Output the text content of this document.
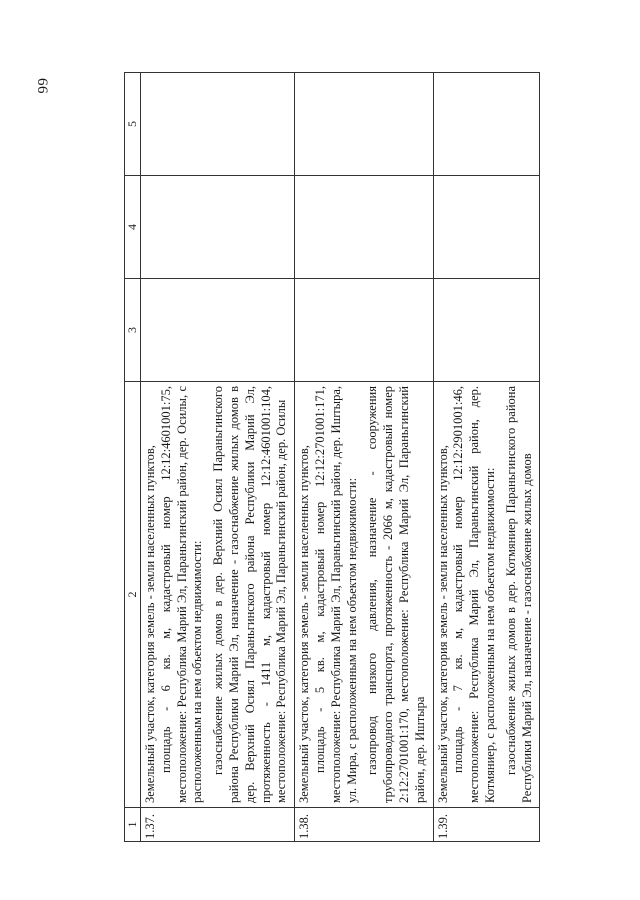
66
1	2	3	4	5
1.37.	Земельный участок, категория земель - земли населенных пунктов, площадь - 6 кв. м, кадастровый номер 12:12:4601001:75, местоположение: Республика Марий Эл, Параньгинский район, дер. Осилы, с расположенным на нем объектом недвижимости: газоснабжение жилых домов в дер. Верхний Осиял Параньгинского района Республики Марий Эл, назначение - газоснабжение жилых домов в дер. Верхний Осиял Параньгинского района Республики Марий Эл, протяженность - 1411 м, кадастровый номер 12:12:4601001:104, местоположение: Республика Марий Эл, Параньгинский район, дер. Осилы			

1.38.	Земельный участок, категория земель - земли населенных пунктов, площадь - 5 кв. м, кадастровый номер 12:12:2701001:171, местоположение: Республика Марий Эл, Параньгинский район, дер. Иштыра, ул. Мира, с расположенным на нем объектом недвижимости: газопровод низкого давления, назначение - сооружения трубопроводного транспорта, протяженность - 2066 м, кадастровый номер 2:12:2701001:170, местоположение: Республика Марий Эл, Параньгинский район, дер. Иштыра			

1.39.	Земельный участок, категория земель - земли населенных пунктов, площадь - 7 кв. м, кадастровый номер 12:12:2901001:46, местоположение: Республика Марий Эл, Параньгинский район, дер. Котмяниер, с расположенным на нем объектом недвижимости: газоснабжение жилых домов в дер. Котмяниер Параньгинского района Республики Марий Эл, назначение - газоснабжение жилых домов			
